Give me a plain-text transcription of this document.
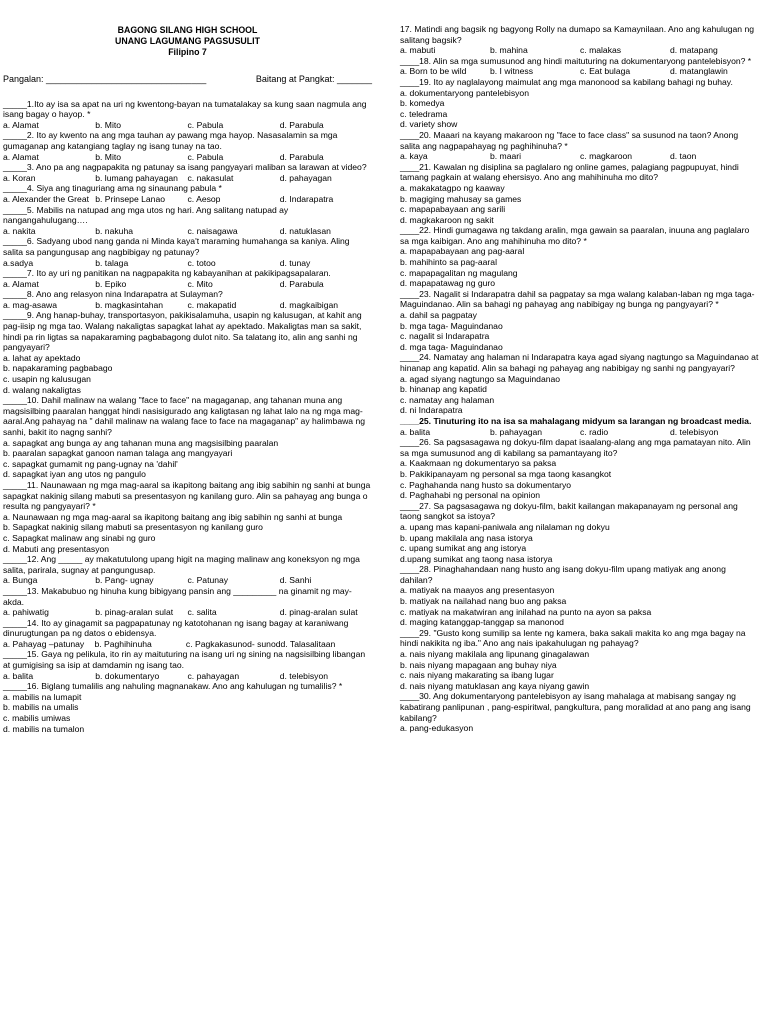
BAGONG SILANG HIGH SCHOOL
UNANG LAGUMANG PAGSUSULIT
Filipino 7
Pangalan: ________________________________	Baitang at Pangkat: _______
_____1.Ito ay isa sa apat na uri ng kwentong-bayan na tumatalakay sa kung saan nagmula ang isang bagay o hayop. *
a. Alamat	b. Mito	c. Pabula	d. Parabula
_____2. Ito ay kwento na ang mga tauhan ay pawang mga hayop. Nasasalamin sa mga gumaganap ang katangiang taglay ng isang tunay na tao.
a. Alamat	b. Mito	c. Pabula	d. Parabula
_____3. Ano pa ang nagpapakita ng patunay sa isang pangyayari maliban sa larawan at video?
a. Koran	b. lumang pahayagan	c. nakasulat	d. pahayagan
_____4. Siya ang tinaguriang ama ng sinaunang pabula *
a. Alexander the Great b. Prinsepe Lanao	c. Aesop	d. Indarapatra
_____5. Mabilis na natupad ang mga utos ng hari. Ang salitang natupad ay nangangahulugang….
a. nakita	b. nakuha	c. naisagawa	d. natuklasan
_____6. Sadyang ubod nang ganda ni Minda kaya't maraming humahanga sa kaniya. Aling salita sa pangungusap ang nagbibigay ng patunay?
a.sadya	b. talaga	c. totoo	d. tunay
_____7. Ito ay uri ng panitikan na nagpapakita ng kabayanihan at pakikipagsapalaran.
a. Alamat	b. Epiko	c. Mito	d. Parabula
_____8. Ano ang relasyon nina Indarapatra at Sulayman?
a. mag-asawa	b. magkasintahan	c. makapatid	d. magkaibigan
_____9. Ang hanap-buhay, transportasyon, pakikisalamuha, usapin ng kalusugan, at kahit ang pag-iisip ng mga tao. Walang nakaligtas sapagkat lahat ay apektado. Makaligtas man sa sakit, hindi pa rin ligtas sa napakaraming pagbabagong dulot nito. Sa talatang ito, alin ang sanhi ng pangyayari?
a. lahat ay apektado
b. napakaraming pagbabago
c. usapin ng kalusugan
d. walang nakaligtas
_____10. Dahil malinaw na walang "face to face" na magaganap, ang tahanan muna ang magsisilbing paaralan hanggat hindi nasisigurado ang kaligtasan ng lahat lalo na ng mga mag-aaral.Ang pahayag na " dahil malinaw na walang face to face na magaganap" ay halimbawa ng sanhi, bakit ito nagng sanhi?
a. sapagkat ang bunga ay ang tahanan muna ang magsisilbing paaralan
b. paaralan sapagkat ganoon naman talaga ang mangyayari
c. sapagkat gumamit ng pang-ugnay na 'dahil'
d. sapagkat iyan ang utos ng pangulo
_____11. Naunawaan ng mga mag-aaral sa ikapitong baitang ang ibig sabihin ng sanhi at bunga sapagkat nakinig silang mabuti sa presentasyon ng kanilang guro. Alin sa pahayag ang bunga o resulta ng pangyayari? *
a. Naunawaan ng mga mag-aaral sa ikapitong baitang ang ibig sabihin ng sanhi at bunga
b. Sapagkat nakinig silang mabuti sa presentasyon ng kanilang guro
c. Sapagkat malinaw ang sinabi ng guro
d. Mabuti ang presentasyon
_____12. Ang _____ ay makatutulong upang higit na maging malinaw ang koneksyon ng mga salita, parirala, sugnay at pangungusap.
a. Bunga	b. Pang- ugnay	c. Patunay	d. Sanhi
_____13. Makabubuo ng hinuha kung bibigyang pansin ang _________ na ginamit ng may-akda.
a. pahiwatig	b. pinag-aralan sulat	c. salita	d. pinag-aralan sulat
_____14. Ito ay ginagamit sa pagpapatunay ng katotohanan ng isang bagay at karaniwang dinurugtungan pa ng datos o ebidensya.
a. Pahayag –patunay	b. Paghihinuha	c. Pagkakasunod- sunod d. Talasalitaan
_____15. Gaya ng pelikula, ito rin ay maituturing na isang uri ng sining na nagsisilbing libangan at gumigising sa isip at damdamin ng isang tao.
a. balita	b. dokumentaryo	c. pahayagan	d. telebisyon
_____16. Biglang tumalilis ang nahuling magnanakaw. Ano ang kahulugan ng tumalilis? *
a. mabilis na lumapit
b. mabilis na umalis
c. mabilis umiwas
d. mabilis na tumalon
17. Matindi ang bagsik ng bagyong Rolly na dumapo sa Kamaynilaan. Ano ang kahulugan ng salitang bagsik?
a. mabuti	b. mahina	c. malakas	d. matapang
____18. Alin sa mga sumusunod ang hindi maituturing na dokumentaryong pantelebisyon? *
a. Born to be wild	b. I witness	c. Eat bulaga	d. matanglawin
____19. Ito ay naglalayong maimulat ang mga manonood sa kabilang bahagi ng buhay.
a. dokumentaryong pantelebisyon
b. komedya
c. teledrama
d. variety show
____20. Maaari na kayang makaroon ng "face to face class" sa susunod na taon? Anong salita ang nagpapahayag ng paghihinuha? *
a. kaya	b. maari	c. magkaroon	d. taon
____21. Kawalan ng disiplina sa paglalaro ng online games, palagiang pagpupuyat, hindi tamang pagkain at walang ehersisyo. Ano ang mahihinuha mo dito?
a. makakatagpo ng kaaway
b. magiging mahusay sa games
c. mapapabayaan ang sarili
d. magkakaroon ng sakit
____22. Hindi gumagawa ng takdang aralin, mga gawain sa paaralan, inuuna ang paglalaro sa mga kaibigan. Ano ang mahihinuha mo dito? *
a. mapapabayaan ang pag-aaral
b. mahihinto sa pag-aaral
c. mapapagalitan ng magulang
d. mapapatawag ng guro
____23. Nagalit si Indarapatra dahil sa pagpatay sa mga walang kalaban-laban ng mga taga-Maguindanao. Alin sa bahagi ng pahayag ang nabibigay ng bunga ng pangyayari? *
a. dahil sa pagpatay
b. mga taga- Maguindanao
c. nagalit si Indarapatra
d. mga taga- Maguindanao
____24. Namatay ang halaman ni Indarapatra kaya agad siyang nagtungo sa Maguindanao at hinanap ang kapatid. Alin sa bahagi ng pahayag ang nabibigay ng sanhi ng pangyayari?
a. agad siyang nagtungo sa Maguindanao
b. hinanap ang kapatid
c. namatay ang halaman
d. ni Indarapatra
____25. Tinuturing ito na isa sa mahalagang midyum sa larangan ng broadcast media.
a. balita	b. pahayagan	c. radio	d. telebisyon
____26. Sa pagsasagawa ng dokyu-film dapat isaalang-alang ang mga pamatayan nito. Alin sa mga sumusunod ang di kabilang sa pamantayang ito?
a. Kaakmaan ng dokumentaryo sa paksa
b. Pakikipanayam ng personal sa mga taong kasangkot
c. Paghahanda nang husto sa dokumentaryo
d. Paghahabi ng personal na opinion
____27. Sa pagsasagawa ng dokyu-film, bakit kailangan makapanayam ng personal ang taong sangkot sa istoya?
a. upang mas kapani-paniwala ang nilalaman ng dokyu
b. upang makilala ang nasa istorya
c. upang sumikat ang ang istorya
d.upang sumikat ang taong nasa istorya
____28. Pinaghahandaan nang husto ang isang dokyu-film upang matiyak ang anong dahilan?
a. matiyak na maayos ang presentasyon
b. matiyak na nailahad nang buo ang paksa
c. matiyak na makatwiran ang inilahad na punto na ayon sa paksa
d. maging katanggap-tanggap sa manonod
____29. "Gusto kong sumilip sa lente ng kamera, baka sakali makita ko ang mga bagay na hindi nakikita ng iba." Ano ang nais ipakahulugan ng pahayag?
a. nais niyang makilala ang lipunang ginagalawan
b. nais niyang mapagaan ang buhay niya
c. nais niyang makarating sa ibang lugar
d. nais niyang matuklasan ang kaya niyang gawin
____30. Ang dokumentaryong pantelebisyon ay isang mahalaga at mabisang sangay ng kabatirang panlipunan , pang-espiritwal, pangkultura, pang moralidad at ano pang ang isang kabilang?
a. pang-edukasyon
